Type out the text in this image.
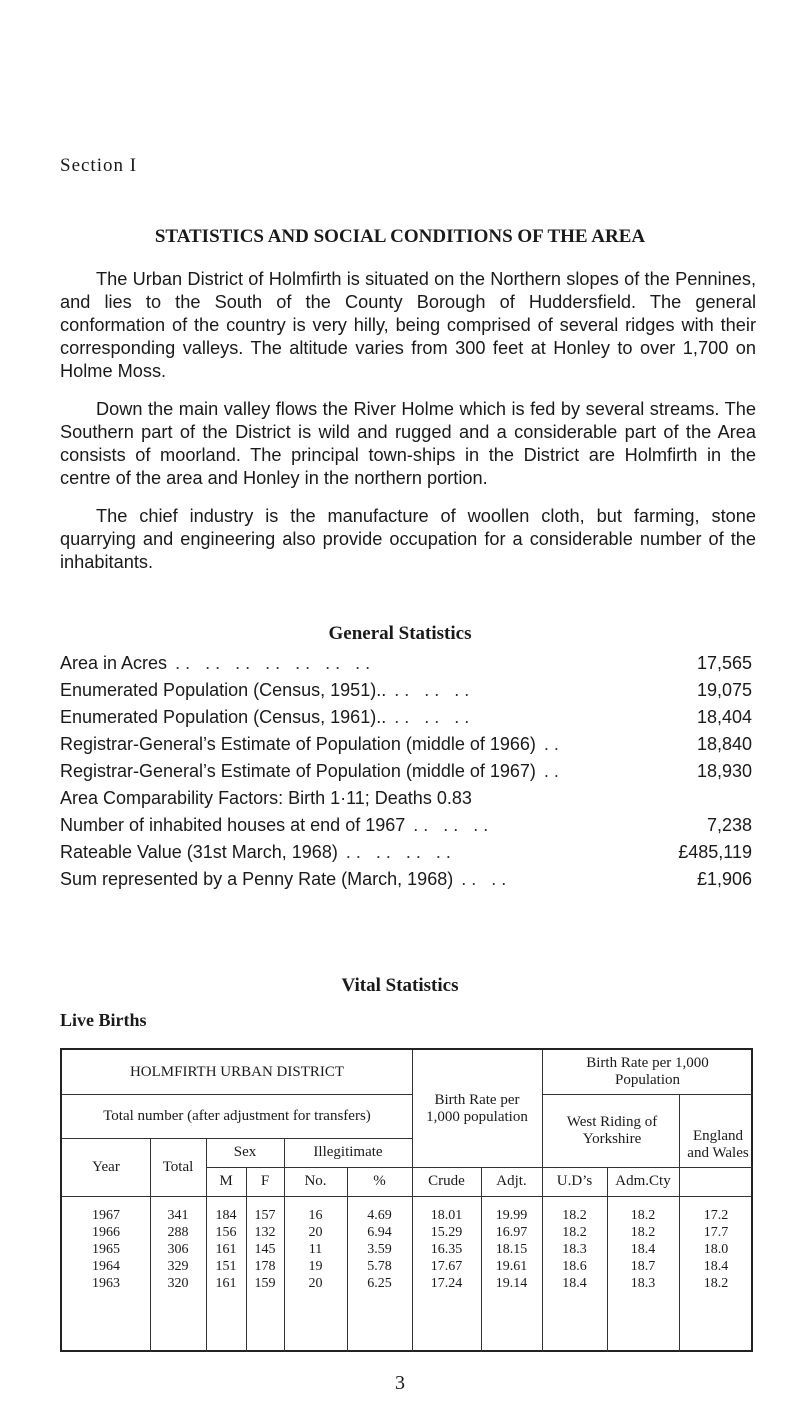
Section I
STATISTICS AND SOCIAL CONDITIONS OF THE AREA

The Urban District of Holmfirth is situated on the Northern slopes of the Pennines, and lies to the South of the County Borough of Huddersfield. The general conformation of the country is very hilly, being comprised of several ridges with their corresponding valleys. The altitude varies from 300 feet at Honley to over 1,700 on Holme Moss.

Down the main valley flows the River Holme which is fed by several streams. The Southern part of the District is wild and rugged and a considerable part of the Area consists of moorland. The principal town-ships in the District are Holmfirth in the centre of the area and Honley in the northern portion.

The chief industry is the manufacture of woollen cloth, but farming, stone quarrying and engineering also provide occupation for a considerable number of the inhabitants.

General Statistics
Area in Acres .. .. .. .. .. .. ..	17,565
Enumerated Population (Census, 1951).. .. .. ..	19,075
Enumerated Population (Census, 1961).. .. .. ..	18,404
Registrar-General’s Estimate of Population (middle of 1966) ..	18,840
Registrar-General’s Estimate of Population (middle of 1967) ..	18,930
Area Comparability Factors: Birth 1·11; Deaths 0.83
Number of inhabited houses at end of 1967 .. .. ..	7,238
Rateable Value (31st March, 1968) .. .. .. ..	£485,119
Sum represented by a Penny Rate (March, 1968) .. ..	£1,906
Vital Statistics
Live Births
HOLMFIRTH URBAN DISTRICT
Total number (after adjustment for transfers)
Year	Total
Sex	Illegitimate
M	F	No.	%
Birth Rate per 1,000 population
Crude	Adjt.
Birth Rate per 1,000 Population
West Riding of Yorkshire
U.D’s	Adm.Cty
England and Wales
1967	341	184	157	16	4.69	18.01	19.99	18.2	18.2	17.2
1966	288	156	132	20	6.94	15.29	16.97	18.2	18.2	17.7
1965	306	161	145	11	3.59	16.35	18.15	18.3	18.4	18.0
1964	329	151	178	19	5.78	17.67	19.61	18.6	18.7	18.4
1963	320	161	159	20	6.25	17.24	19.14	18.4	18.3	18.2
3
